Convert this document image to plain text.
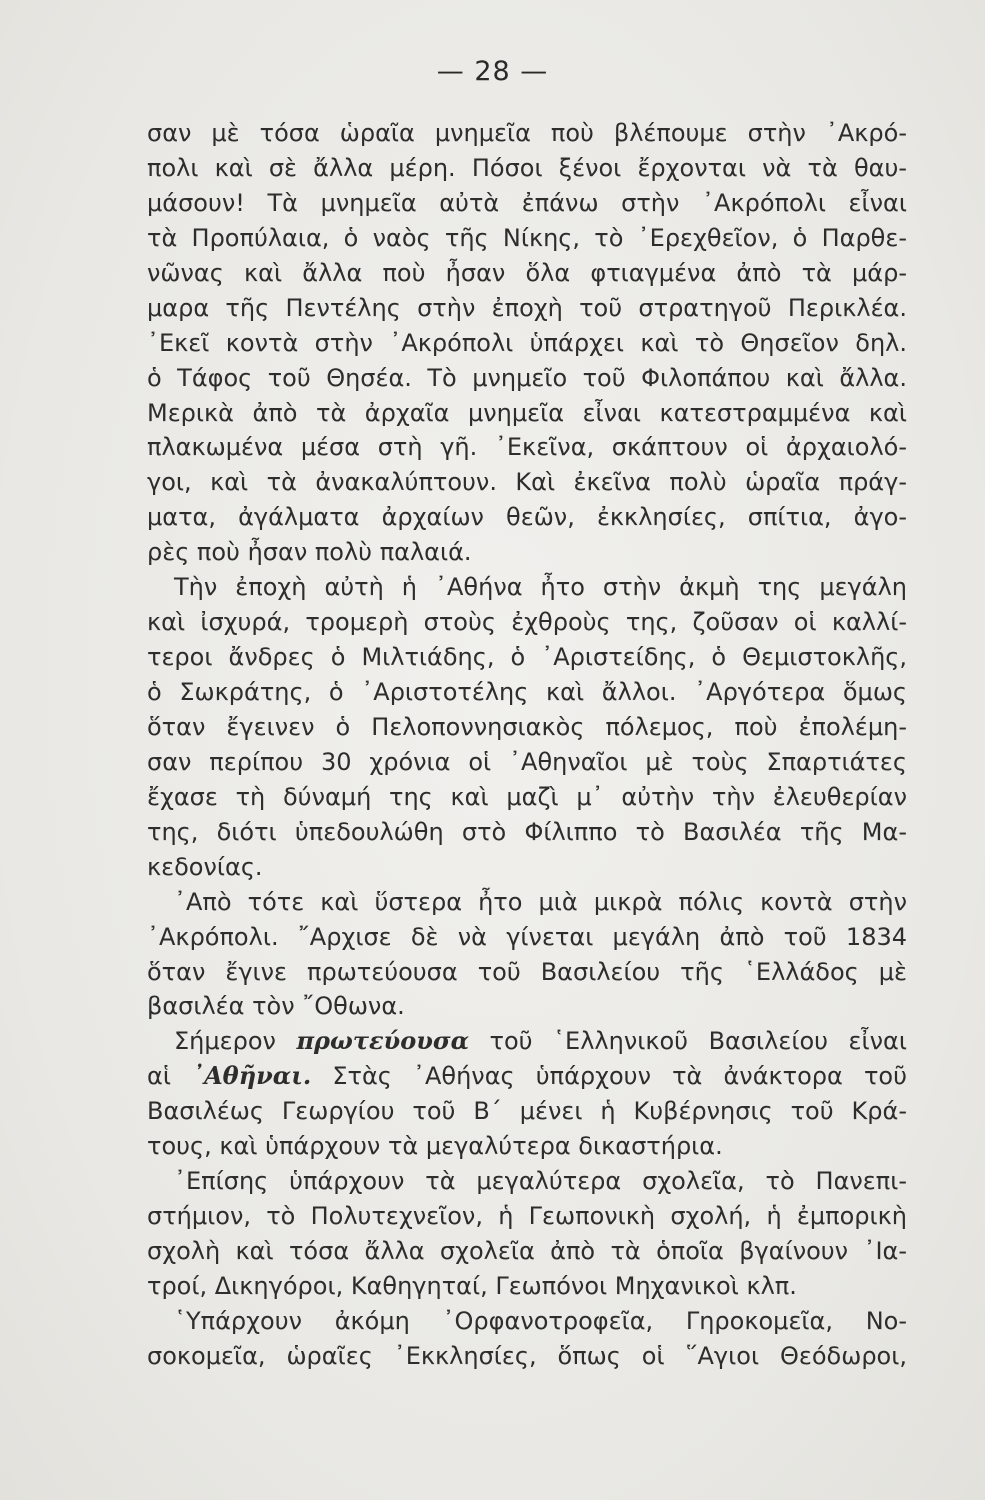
— 28 —
σαν μὲ τόσα ὡραῖα μνημεῖα ποὺ βλέπουμε στὴν ᾽Ακρό-
πολι καὶ σὲ ἄλλα μέρη. Πόσοι ξένοι ἔρχονται νὰ τὰ θαυ-
μάσουν! Τὰ μνημεῖα αὐτὰ ἐπάνω στὴν ᾽Ακρόπολι εἶναι
τὰ Προπύλαια, ὁ ναὸς τῆς Νίκης, τὸ ᾽Ερεχθεῖον, ὁ Παρθε-
νῶνας καὶ ἄλλα ποὺ ἦσαν ὅλα φτιαγμένα ἀπὸ τὰ μάρ-
μαρα τῆς Πεντέλης στὴν ἐποχὴ τοῦ στρατηγοῦ Περικλέα.
᾽Εκεῖ κοντὰ στὴν ᾽Ακρόπολι ὑπάρχει καὶ τὸ Θησεῖον δηλ.
ὁ Τάφος τοῦ Θησέα. Τὸ μνημεῖο τοῦ Φιλοπάπου καὶ ἄλλα.
Μερικὰ ἀπὸ τὰ ἀρχαῖα μνημεῖα εἶναι κατεστραμμένα καὶ
πλακωμένα μέσα στὴ γῆ. ᾽Εκεῖνα, σκάπτουν οἱ ἀρχαιολό-
γοι, καὶ τὰ ἀνακαλύπτουν. Καὶ ἐκεῖνα πολὺ ὡραῖα πράγ-
ματα, ἀγάλματα ἀρχαίων θεῶν, ἐκκλησίες, σπίτια, ἀγο-
ρὲς ποὺ ἦσαν πολὺ παλαιά.
Τὴν ἐποχὴ αὐτὴ ἡ ᾽Αθήνα ἦτο στὴν ἀκμὴ της μεγάλη
καὶ ἰσχυρά, τρομερὴ στοὺς ἐχθροὺς της, ζοῦσαν οἱ καλλί-
τεροι ἄνδρες ὁ Μιλτιάδης, ὁ ᾽Αριστείδης, ὁ Θεμιστοκλῆς,
ὁ Σωκράτης, ὁ ᾽Αριστοτέλης καὶ ἄλλοι. ᾽Αργότερα ὅμως
ὅταν ἔγεινεν ὁ Πελοποννησιακὸς πόλεμος, ποὺ ἐπολέμη-
σαν περίπου 30 χρόνια οἱ ᾽Αθηναῖοι μὲ τοὺς Σπαρτιάτες
ἔχασε τὴ δύναμή της καὶ μαζὶ μ᾽ αὐτὴν τὴν ἐλευθερίαν
της, διότι ὑπεδουλώθη στὸ Φίλιππο τὸ Βασιλέα τῆς Μα-
κεδονίας.
᾽Απὸ τότε καὶ ὕστερα ἦτο μιὰ μικρὰ πόλις κοντὰ στὴν
᾽Ακρόπολι. ῎Αρχισε δὲ νὰ γίνεται μεγάλη ἀπὸ τοῦ 1834
ὅταν ἔγινε πρωτεύουσα τοῦ Βασιλείου τῆς ῾Ελλάδος μὲ
βασιλέα τὸν ῎Οθωνα.
Σήμερον πρωτεύουσα τοῦ ῾Ελληνικοῦ Βασιλείου εἶναι
αἱ ᾽Αθῆναι. Στὰς ᾽Αθήνας ὑπάρχουν τὰ ἀνάκτορα τοῦ
Βασιλέως Γεωργίου τοῦ Β΄ μένει ἡ Κυβέρνησις τοῦ Κρά-
τους, καὶ ὑπάρχουν τὰ μεγαλύτερα δικαστήρια.
᾽Επίσης ὑπάρχουν τὰ μεγαλύτερα σχολεῖα, τὸ Πανεπι-
στήμιον, τὸ Πολυτεχνεῖον, ἡ Γεωπονικὴ σχολή, ἡ ἐμπορικὴ
σχολὴ καὶ τόσα ἄλλα σχολεῖα ἀπὸ τὰ ὁποῖα βγαίνουν ᾽Ια-
τροί, Δικηγόροι, Καθηγηταί, Γεωπόνοι Μηχανικοὶ κλπ.
῾Υπάρχουν ἀκόμη ᾽Ορφανοτροφεῖα, Γηροκομεῖα, Νο-
σοκομεῖα, ὡραῖες ᾽Εκκλησίες, ὅπως οἱ ῞Αγιοι Θεόδωροι,
